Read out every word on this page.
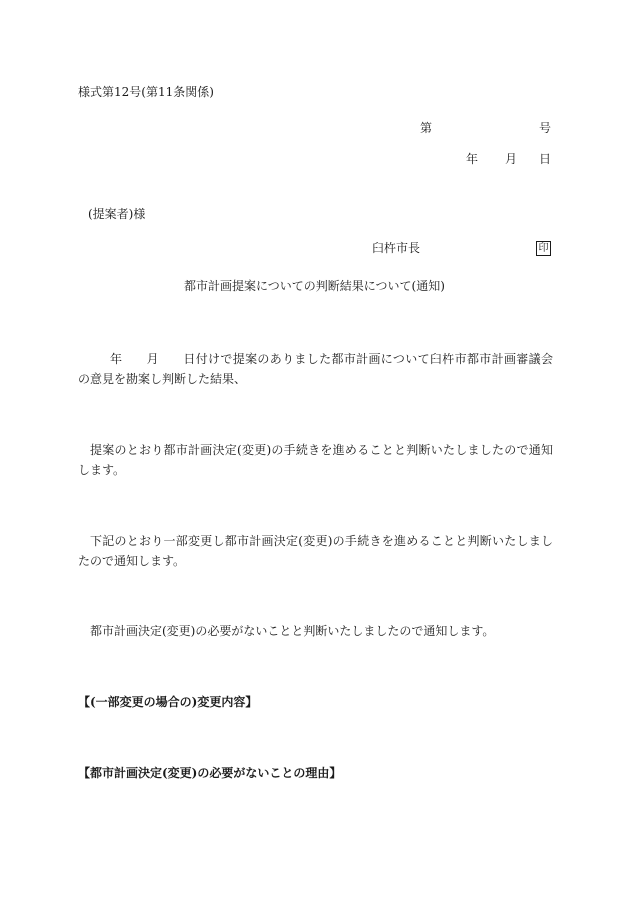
様式第12号(第11条関係)
第	号
年 月 日
(提案者)様
臼杵市長	印
都市計画提案についての判断結果について(通知)
年 月 日付けで提案のありました都市計画について臼杵市都市計画審議会の意見を勘案し判断した結果、
提案のとおり都市計画決定(変更)の手続きを進めることと判断いたしましたので通知します。
下記のとおり一部変更し都市計画決定(変更)の手続きを進めることと判断いたしましたので通知します。
都市計画決定(変更)の必要がないことと判断いたしましたので通知します。
【(一部変更の場合の)変更内容】
【都市計画決定(変更)の必要がないことの理由】
